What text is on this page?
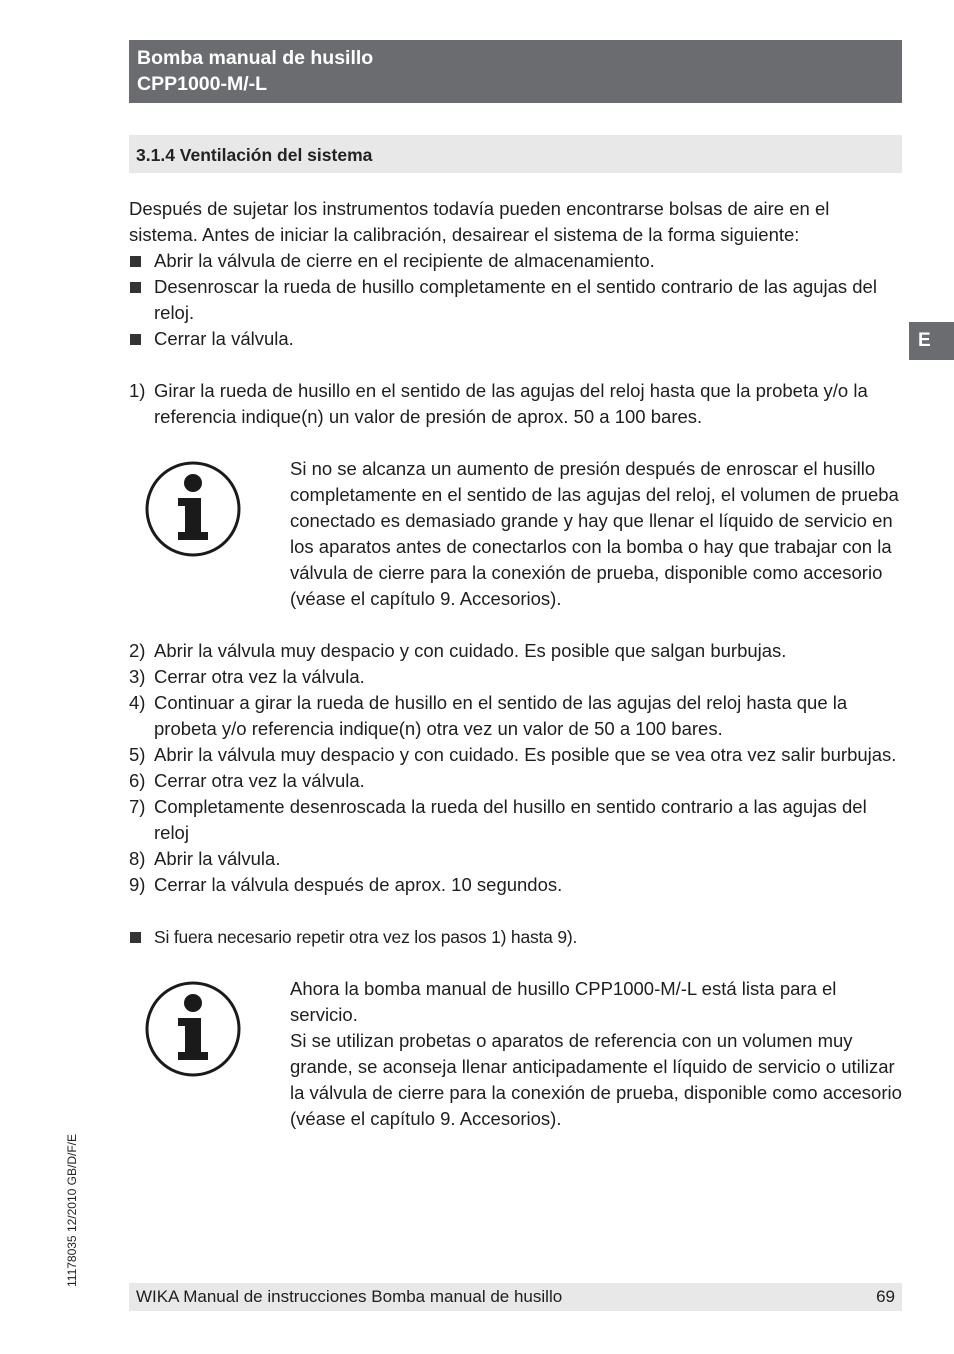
Bomba manual de husillo
CPP1000-M/-L
3.1.4 Ventilación del sistema
E

Después de sujetar los instrumentos todavía pueden encontrarse bolsas de aire en el sistema. Antes de iniciar la calibración, desairear el sistema de la forma siguiente:

Abrir la válvula de cierre en el recipiente de almacenamiento.
Desenroscar la rueda de husillo completamente en el sentido contrario de las agujas del reloj.
Cerrar la válvula.
1) Girar la rueda de husillo en el sentido de las agujas del reloj hasta que la probeta y/o la referencia indique(n) un valor de presión de aprox. 50 a 100 bares.

Si no se alcanza un aumento de presión después de enroscar el husillo completamente en el sentido de las agujas del reloj, el volumen de prueba conectado es demasiado grande y hay que llenar el líquido de servicio en los aparatos antes de conectarlos con la bomba o hay que trabajar con la válvula de cierre para la conexión de prueba, disponible como accesorio (véase el capítulo 9. Accesorios).

2) Abrir la válvula muy despacio y con cuidado. Es posible que salgan burbujas.
3) Cerrar otra vez la válvula.
4) Continuar a girar la rueda de husillo en el sentido de las agujas del reloj hasta que la probeta y/o referencia indique(n) otra vez un valor de 50 a 100 bares.
5) Abrir la válvula muy despacio y con cuidado. Es posible que se vea otra vez salir burbujas.
6) Cerrar otra vez la válvula.
7) Completamente desenroscada la rueda del husillo en sentido contrario a las agujas del reloj
8) Abrir la válvula.
9) Cerrar la válvula después de aprox. 10 segundos.
Si fuera necesario repetir otra vez los pasos 1) hasta 9).

Ahora la bomba manual de husillo CPP1000-M/-L está lista para el servicio.

Si se utilizan probetas o aparatos de referencia con un volumen muy grande, se aconseja llenar anticipadamente el líquido de servicio o utilizar la válvula de cierre para la conexión de prueba, disponible como accesorio (véase el capítulo 9. Accesorios).

11178035 12/2010 GB/D/F/E
WIKA Manual de instrucciones Bomba manual de husillo	69
